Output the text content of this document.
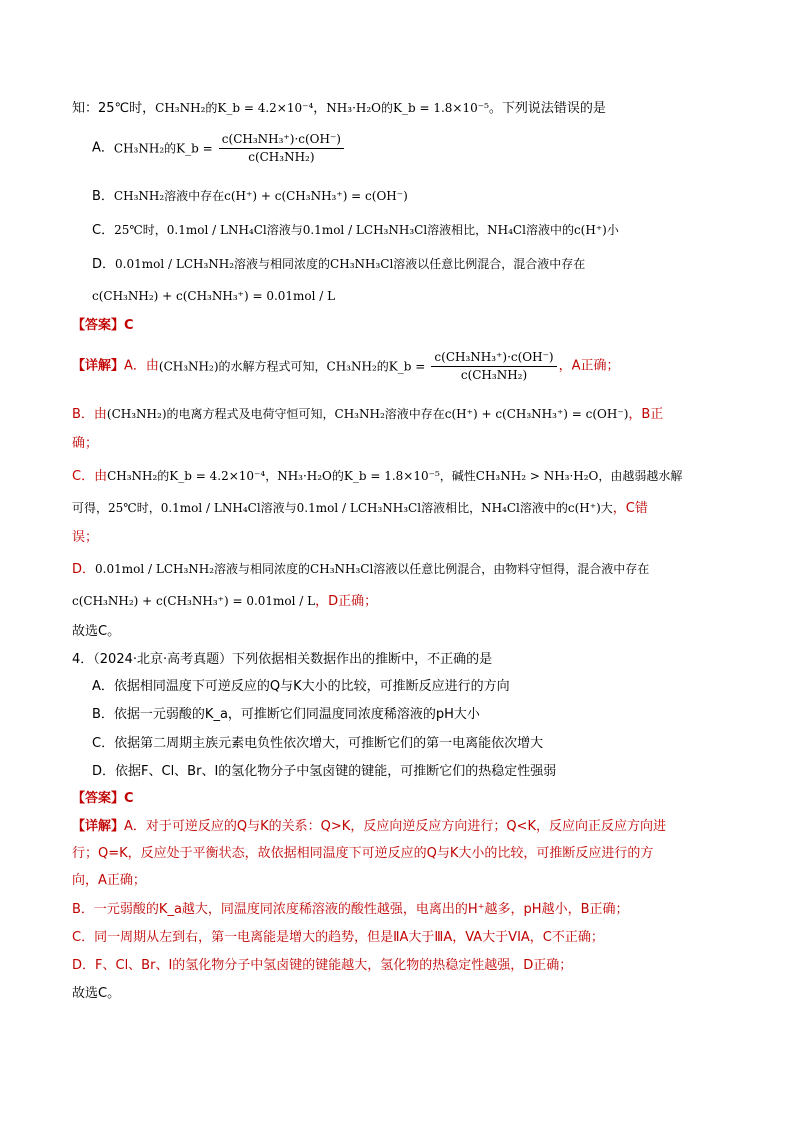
知：25℃时，CH₃NH₂的K_b = 4.2×10⁻⁴，NH₃·H₂O的K_b = 1.8×10⁻⁵。下列说法错误的是
A．CH₃NH₂的K_b = $\frac{\text{c(CH₃NH₃⁺)·c(OH⁻)}}{\text{c(CH₃NH₂)}}$
B．CH₃NH₂溶液中存在c(H⁺) + c(CH₃NH₃⁺) = c(OH⁻)
C．25℃时，0.1mol / LNH₄Cl溶液与0.1mol / LCH₃NH₃Cl溶液相比，NH₄Cl溶液中的c(H⁺)小
D．0.01mol / LCH₃NH₂溶液与相同浓度的CH₃NH₃Cl溶液以任意比例混合，混合液中存在
c(CH₃NH₂) + c(CH₃NH₃⁺) = 0.01mol / L
【答案】C
【详解】A．由(CH₃NH₂)的水解方程式可知，CH₃NH₂的K_b = $\frac{\text{c(CH₃NH₃⁺)·c(OH⁻)}}{\text{c(CH₃NH₂)}}$ ，A正确；
B．由(CH₃NH₂)的电离方程式及电荷守恒可知，CH₃NH₂溶液中存在c(H⁺) + c(CH₃NH₃⁺) = c(OH⁻)，B正
确；
C．由CH₃NH₂的K_b = 4.2×10⁻⁴，NH₃·H₂O的K_b = 1.8×10⁻⁵，碱性CH₃NH₂ > NH₃·H₂O，由越弱越水解
可得，25℃时，0.1mol / LNH₄Cl溶液与0.1mol / LCH₃NH₃Cl溶液相比，NH₄Cl溶液中的c(H⁺)大，C错
误；
D．0.01mol / LCH₃NH₂溶液与相同浓度的CH₃NH₃Cl溶液以任意比例混合，由物料守恒得，混合液中存在
c(CH₃NH₂) + c(CH₃NH₃⁺) = 0.01mol / L，D正确；
故选C。
4．（2024·北京·高考真题）下列依据相关数据作出的推断中，不正确的是
A．依据相同温度下可逆反应的Q与K大小的比较，可推断反应进行的方向
B．依据一元弱酸的K_a，可推断它们同温度同浓度稀溶液的pH大小
C．依据第二周期主族元素电负性依次增大，可推断它们的第一电离能依次增大
D．依据F、Cl、Br、I的氢化物分子中氢卤键的键能，可推断它们的热稳定性强弱
【答案】C
【详解】A．对于可逆反应的Q与K的关系：Q>K，反应向逆反应方向进行；Q<K，反应向正反应方向进
行；Q=K，反应处于平衡状态，故依据相同温度下可逆反应的Q与K大小的比较，可推断反应进行的方
向，A正确；
B．一元弱酸的K_a越大，同温度同浓度稀溶液的酸性越强，电离出的H⁺越多，pH越小，B正确；
C．同一周期从左到右，第一电离能是增大的趋势，但是ⅡA大于ⅢA，VA大于VIA，C不正确；
D．F、Cl、Br、I的氢化物分子中氢卤键的键能越大，氢化物的热稳定性越强，D正确；
故选C。
